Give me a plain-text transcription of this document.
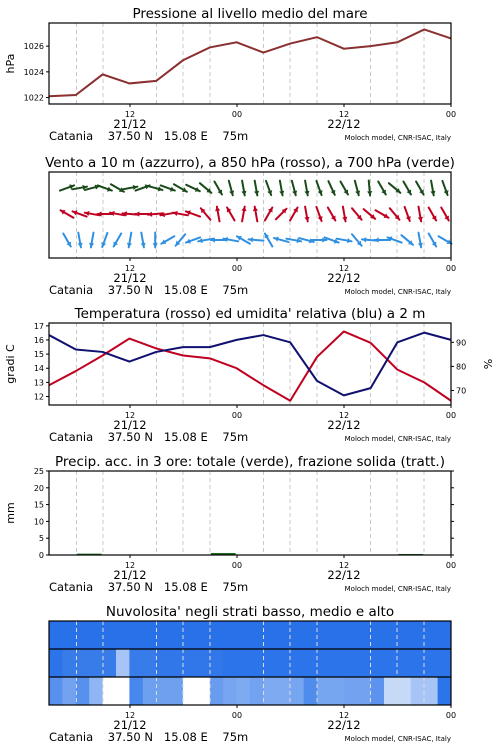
Pressione al livello medio del mare
1022
1024
1026
hPa
12	00	12	00
21/12	22/12
Catania    37.50 N   15.08 E    75m	Moloch model, CNR-ISAC, Italy
Vento a 10 m (azzurro), a 850 hPa (rosso), a 700 hPa (verde)
12	00	12	00
21/12	22/12
Catania    37.50 N   15.08 E    75m	Moloch model, CNR-ISAC, Italy
Temperatura (rosso) ed umidita' relativa (blu) a 2 m
12
13
14
15
16
17
gradi C
70
80
90
%
12	00	12	00
21/12	22/12
Catania    37.50 N   15.08 E    75m	Moloch model, CNR-ISAC, Italy
Precip. acc. in 3 ore: totale (verde), frazione solida (tratt.)
0
5
10
15
20
25
mm
12	00	12	00
21/12	22/12
Catania    37.50 N   15.08 E    75m	Moloch model, CNR-ISAC, Italy
Nuvolosita' negli strati basso, medio e alto
12	00	12	00
21/12	22/12
Catania    37.50 N   15.08 E    75m	Moloch model, CNR-ISAC, Italy
